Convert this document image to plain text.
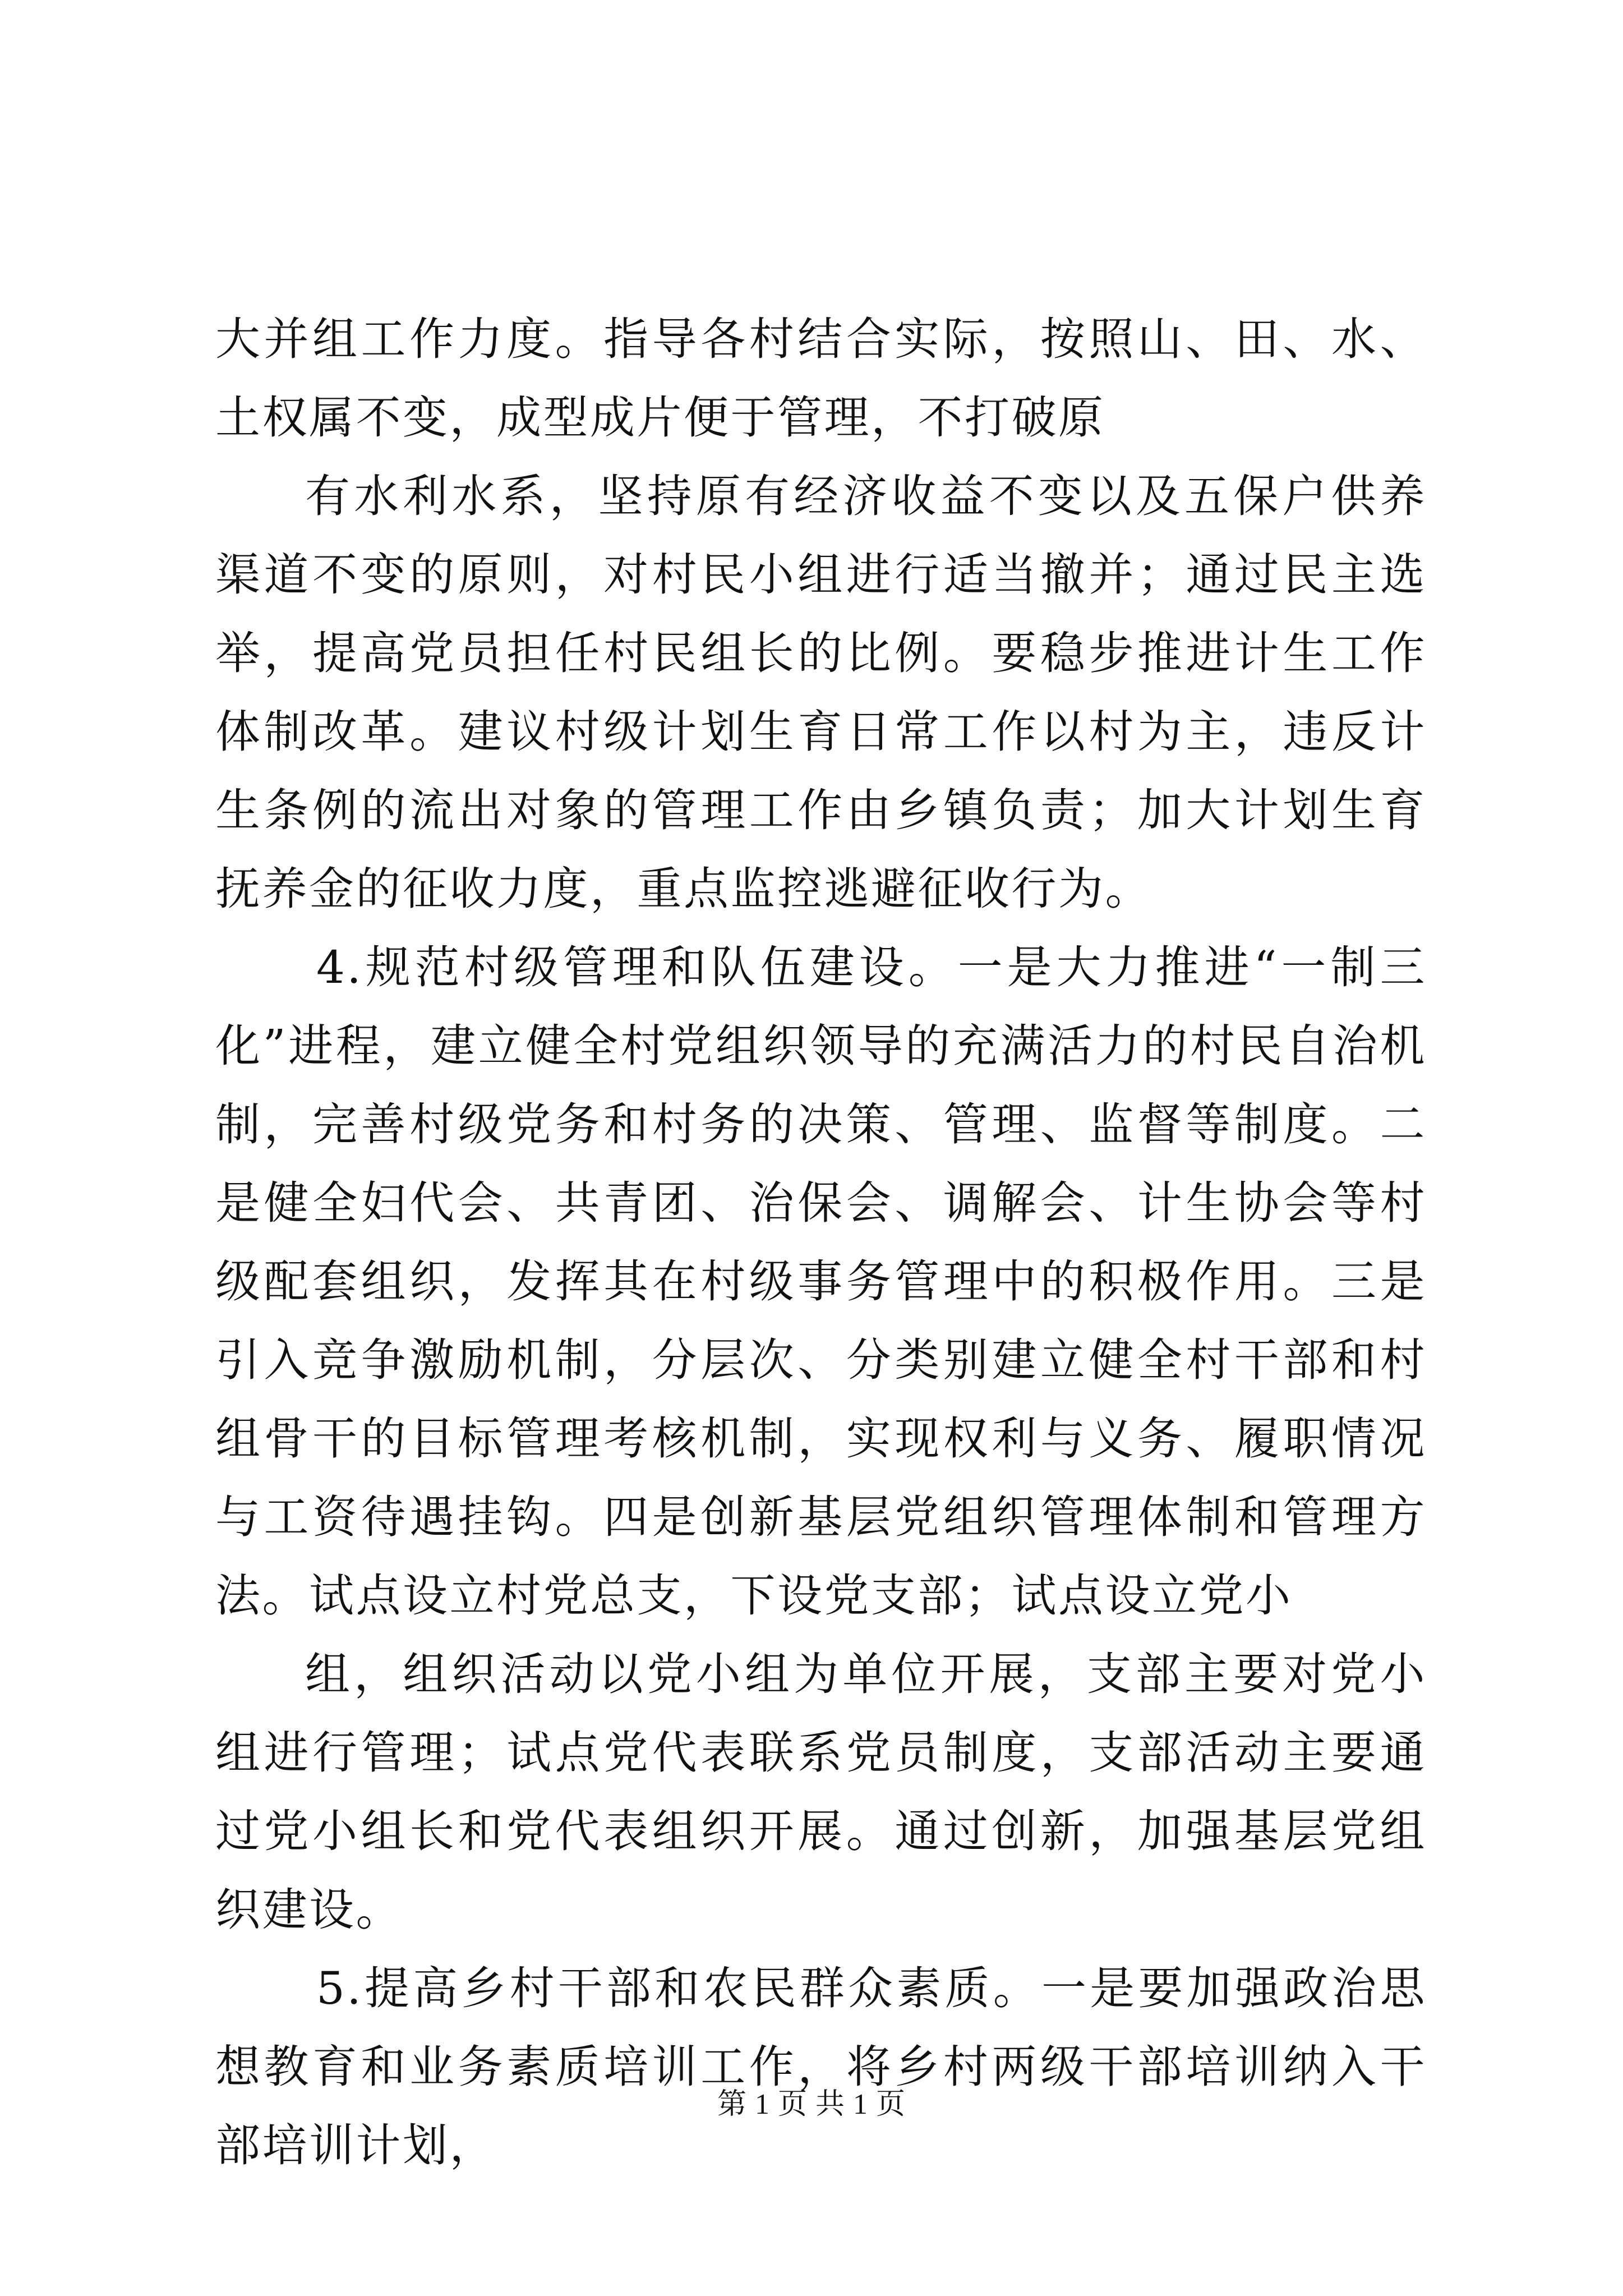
大并组工作力度。指导各村结合实际，按照山、田、水、土权属不变，成型成片便于管理，不打破原

有水利水系，坚持原有经济收益不变以及五保户供养渠道不变的原则，对村民小组进行适当撤并；通过民主选举，提高党员担任村民组长的比例。要稳步推进计生工作体制改革。建议村级计划生育日常工作以村为主，违反计生条例的流出对象的管理工作由乡镇负责；加大计划生育抚养金的征收力度，重点监控逃避征收行为。

4.规范村级管理和队伍建设。一是大力推进“一制三化”进程，建立健全村党组织领导的充满活力的村民自治机制，完善村级党务和村务的决策、管理、监督等制度。二是健全妇代会、共青团、治保会、调解会、计生协会等村级配套组织，发挥其在村级事务管理中的积极作用。三是引入竞争激励机制，分层次、分类别建立健全村干部和村组骨干的目标管理考核机制，实现权利与义务、履职情况与工资待遇挂钩。四是创新基层党组织管理体制和管理方法。试点设立村党总支，下设党支部；试点设立党小

组，组织活动以党小组为单位开展，支部主要对党小组进行管理；试点党代表联系党员制度，支部活动主要通过党小组长和党代表组织开展。通过创新，加强基层党组织建设。

5.提高乡村干部和农民群众素质。一是要加强政治思想教育和业务素质培训工作，将乡村两级干部培训纳入干部培训计划，

第 1 页 共 1 页
